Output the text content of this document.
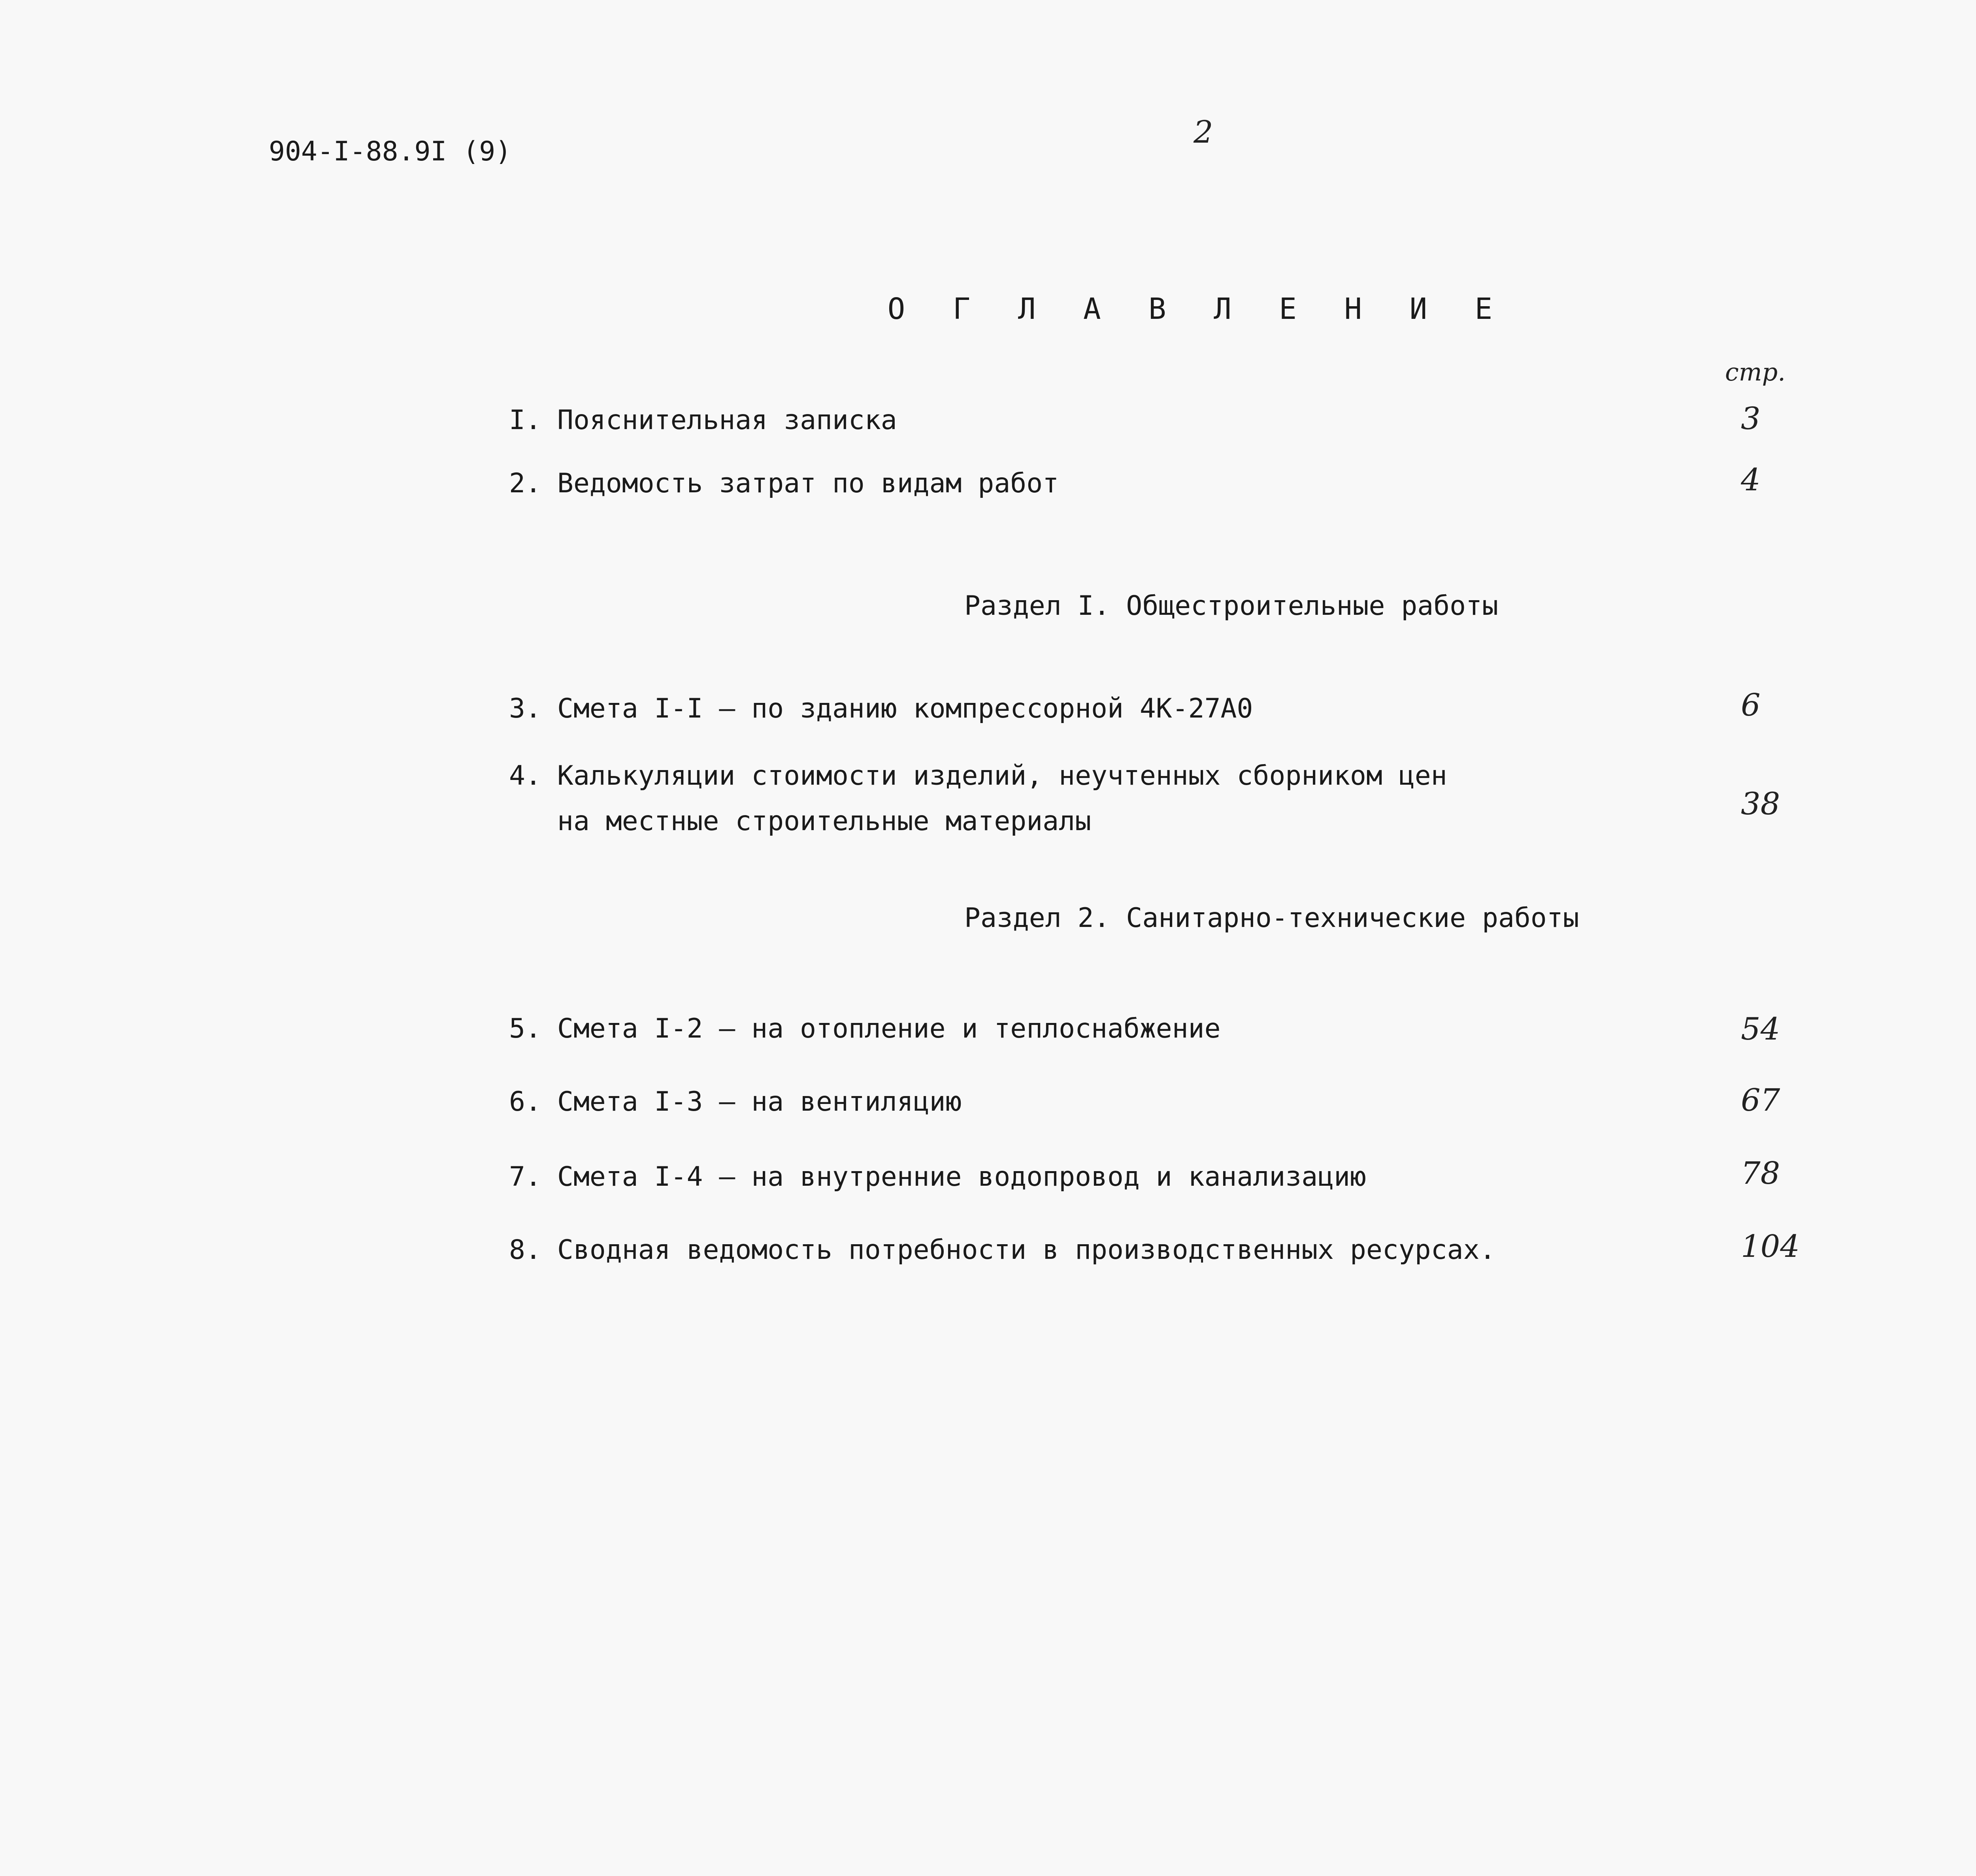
904-I-88.9I (9)
2
О Г Л А В Л Е Н И Е
стр.
I. Пояснительная записка	3
2. Ведомость затрат по видам работ	4
Раздел I. Общестроительные работы
3. Смета I-I – по зданию компрессорной 4К-27А0	6
4. Калькуляции стоимости изделий, неучтенных сборником цен
на местные строительные материалы	38
Раздел 2. Санитарно-технические работы
5. Смета I-2 – на отопление и теплоснабжение	54
6. Смета I-3 – на вентиляцию	67
7. Смета I-4 – на внутренние водопровод и канализацию	78
8. Сводная ведомость потребности в производственных ресурсах.	104
